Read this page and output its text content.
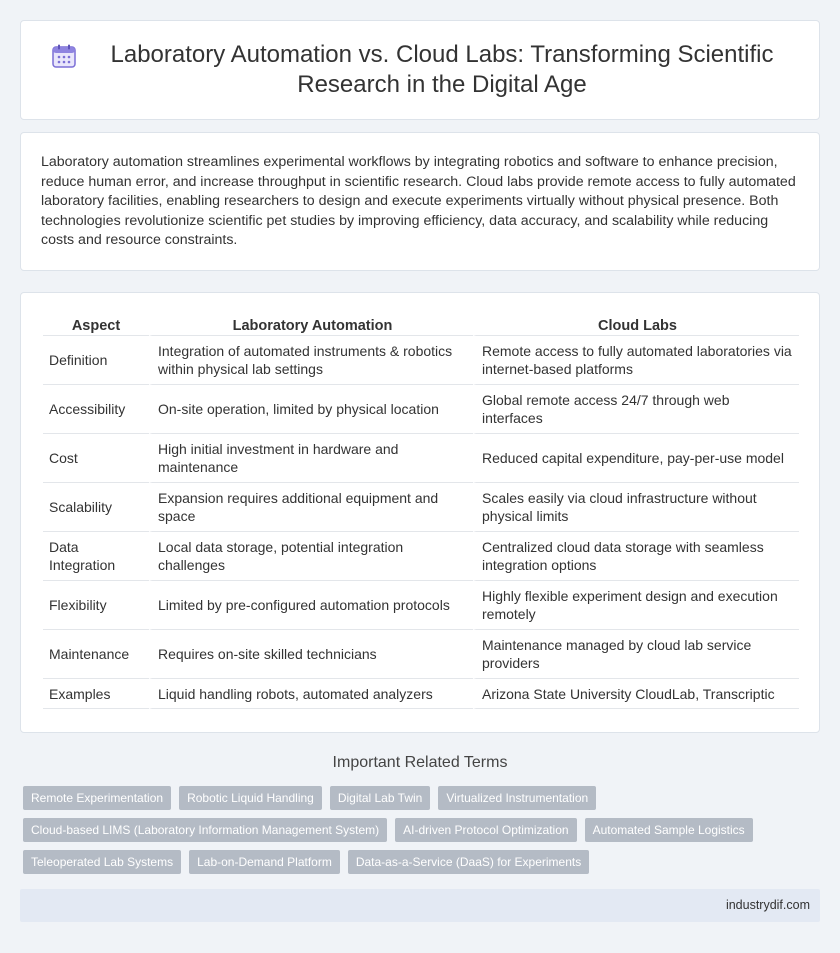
Laboratory Automation vs. Cloud Labs: Transforming Scientific Research in the Digital Age

Laboratory automation streamlines experimental workflows by integrating robotics and software to enhance precision, reduce human error, and increase throughput in scientific research. Cloud labs provide remote access to fully automated laboratory facilities, enabling researchers to design and execute experiments virtually without physical presence. Both technologies revolutionize scientific pet studies by improving efficiency, data accuracy, and scalability while reducing costs and resource constraints.

Aspect	Laboratory Automation	Cloud Labs
Definition	Integration of automated instruments & robotics within physical lab settings	Remote access to fully automated laboratories via internet-based platforms
Accessibility	On-site operation, limited by physical location	Global remote access 24/7 through web interfaces
Cost	High initial investment in hardware and maintenance	Reduced capital expenditure, pay-per-use model
Scalability	Expansion requires additional equipment and space	Scales easily via cloud infrastructure without physical limits
Data Integration	Local data storage, potential integration challenges	Centralized cloud data storage with seamless integration options
Flexibility	Limited by pre-configured automation protocols	Highly flexible experiment design and execution remotely
Maintenance	Requires on-site skilled technicians	Maintenance managed by cloud lab service providers
Examples	Liquid handling robots, automated analyzers	Arizona State University CloudLab, Transcriptic
Important Related Terms
Remote Experimentation	Robotic Liquid Handling	Digital Lab Twin	Virtualized Instrumentation
Cloud-based LIMS (Laboratory Information Management System)	AI-driven Protocol Optimization	Automated Sample Logistics
Teleoperated Lab Systems	Lab-on-Demand Platform	Data-as-a-Service (DaaS) for Experiments
industrydif.com
